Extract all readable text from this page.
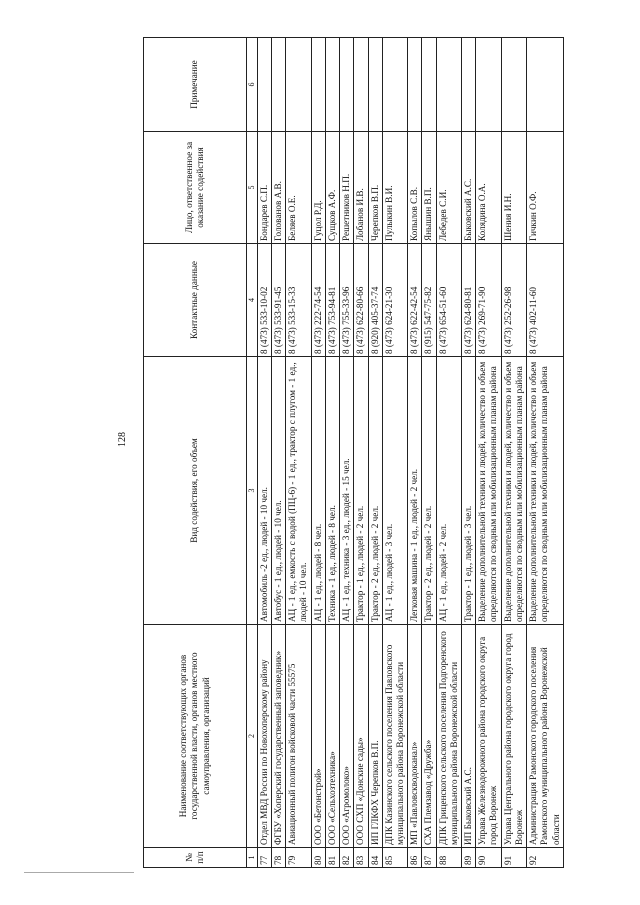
128
№ п/п	Наименование соответствующих органов государственной власти, органов местного самоуправления, организаций	Вид содействия, его объем	Контактные данные	Лицо, ответственное за оказание содействия	Примечание
1	2	3	4	5	6
77	Отдел МВД России по Новохоперскому району	Автомобиль -2 ед., людей - 10 чел.	8 (473) 533-10-02	Бондарев С.П.	
78	ФГБУ «Хоперский государственный заповедник»	Автобус - 1 ед., людей - 10 чел.	8 (473) 533-91-45	Голованов А.В.	
79	Авиационный полигон войсковой части 55575	АЦ - 1 ед., емкость с водой (ПЦ-6) - 1 ед., трактор с плугом - 1 ед., людей - 10 чел.	8 (473) 533-15-33	Беляев О.Е.	
80	ООО «Бетонстрой»	АЦ - 1 ед., людей - 8 чел.	8 (473) 222-74-54	Гуцол Р.Д.	
81	ООО «Сельхозтехника»	Техника - 1 ед., людей - 8 чел.	8 (473) 753-94-81	Сущков А.Ф.	
82	ООО «Агромолоко»	АЦ - 1 ед., техника - 3 ед., людей - 15 чел.	8 (473) 755-33-96	Решетников Н.П.	
83	ООО СХП «Донские сады»	Трактор - 1 ед., людей - 2 чел.	8 (473) 622-80-66	Лобанов И.В.	
84	ИП ГЛКФХ Черепков В.П.	Трактор - 2 ед., людей - 2 чел.	8 (920) 405-37-74	Черепков В.П.	
85	ДПК Казинского сельского поселения Павловского муниципального района Воронежской области	АЦ - 1 ед., людей - 3 чел.	8 (473) 624-21-30	Пулыкин В.И.	
86	МП «Павловскводоканал»	Легковая машина - 1 ед., людей - 2 чел.	8 (473) 622-42-54	Копылов С.В.	
87	СХА Племзавод «Дружба»	Трактор - 2 ед., людей - 2 чел.	8 (915) 547-75-82	Янышин В.П.	
88	ДПК Гриценского сельского поселения Подгоренского муниципального района Воронежской области	АЦ - 1 ед., людей - 2 чел.	8 (473) 654-51-60	Лебедев С.И.	
89	ИП Быковский А.С.	Трактор - 1 ед., людей - 3 чел.	8 (473) 624-80-81	Быковский А.С.	
90	Управа Железнодорожного района городского округа город Воронеж	Выделение дополнительной техники и людей, количество и объем определяются по сводным или мобилизационным планам района	8 (473) 269-71-90	Колядина О.А.	
91	Управа Центрального района городского округа город Воронеж	Выделение дополнительной техники и людей, количество и объем определяются по сводным или мобилизационным планам района	8 (473) 252-26-98	Шения И.Н.	
92	Администрация Рамонского городского поселения Рамонского муниципального района Воронежской области	Выделение дополнительной техники и людей, количество и объем определяются по сводным или мобилизационным планам района	8 (473) 402-11-60	Гичкин О.Ф.	
